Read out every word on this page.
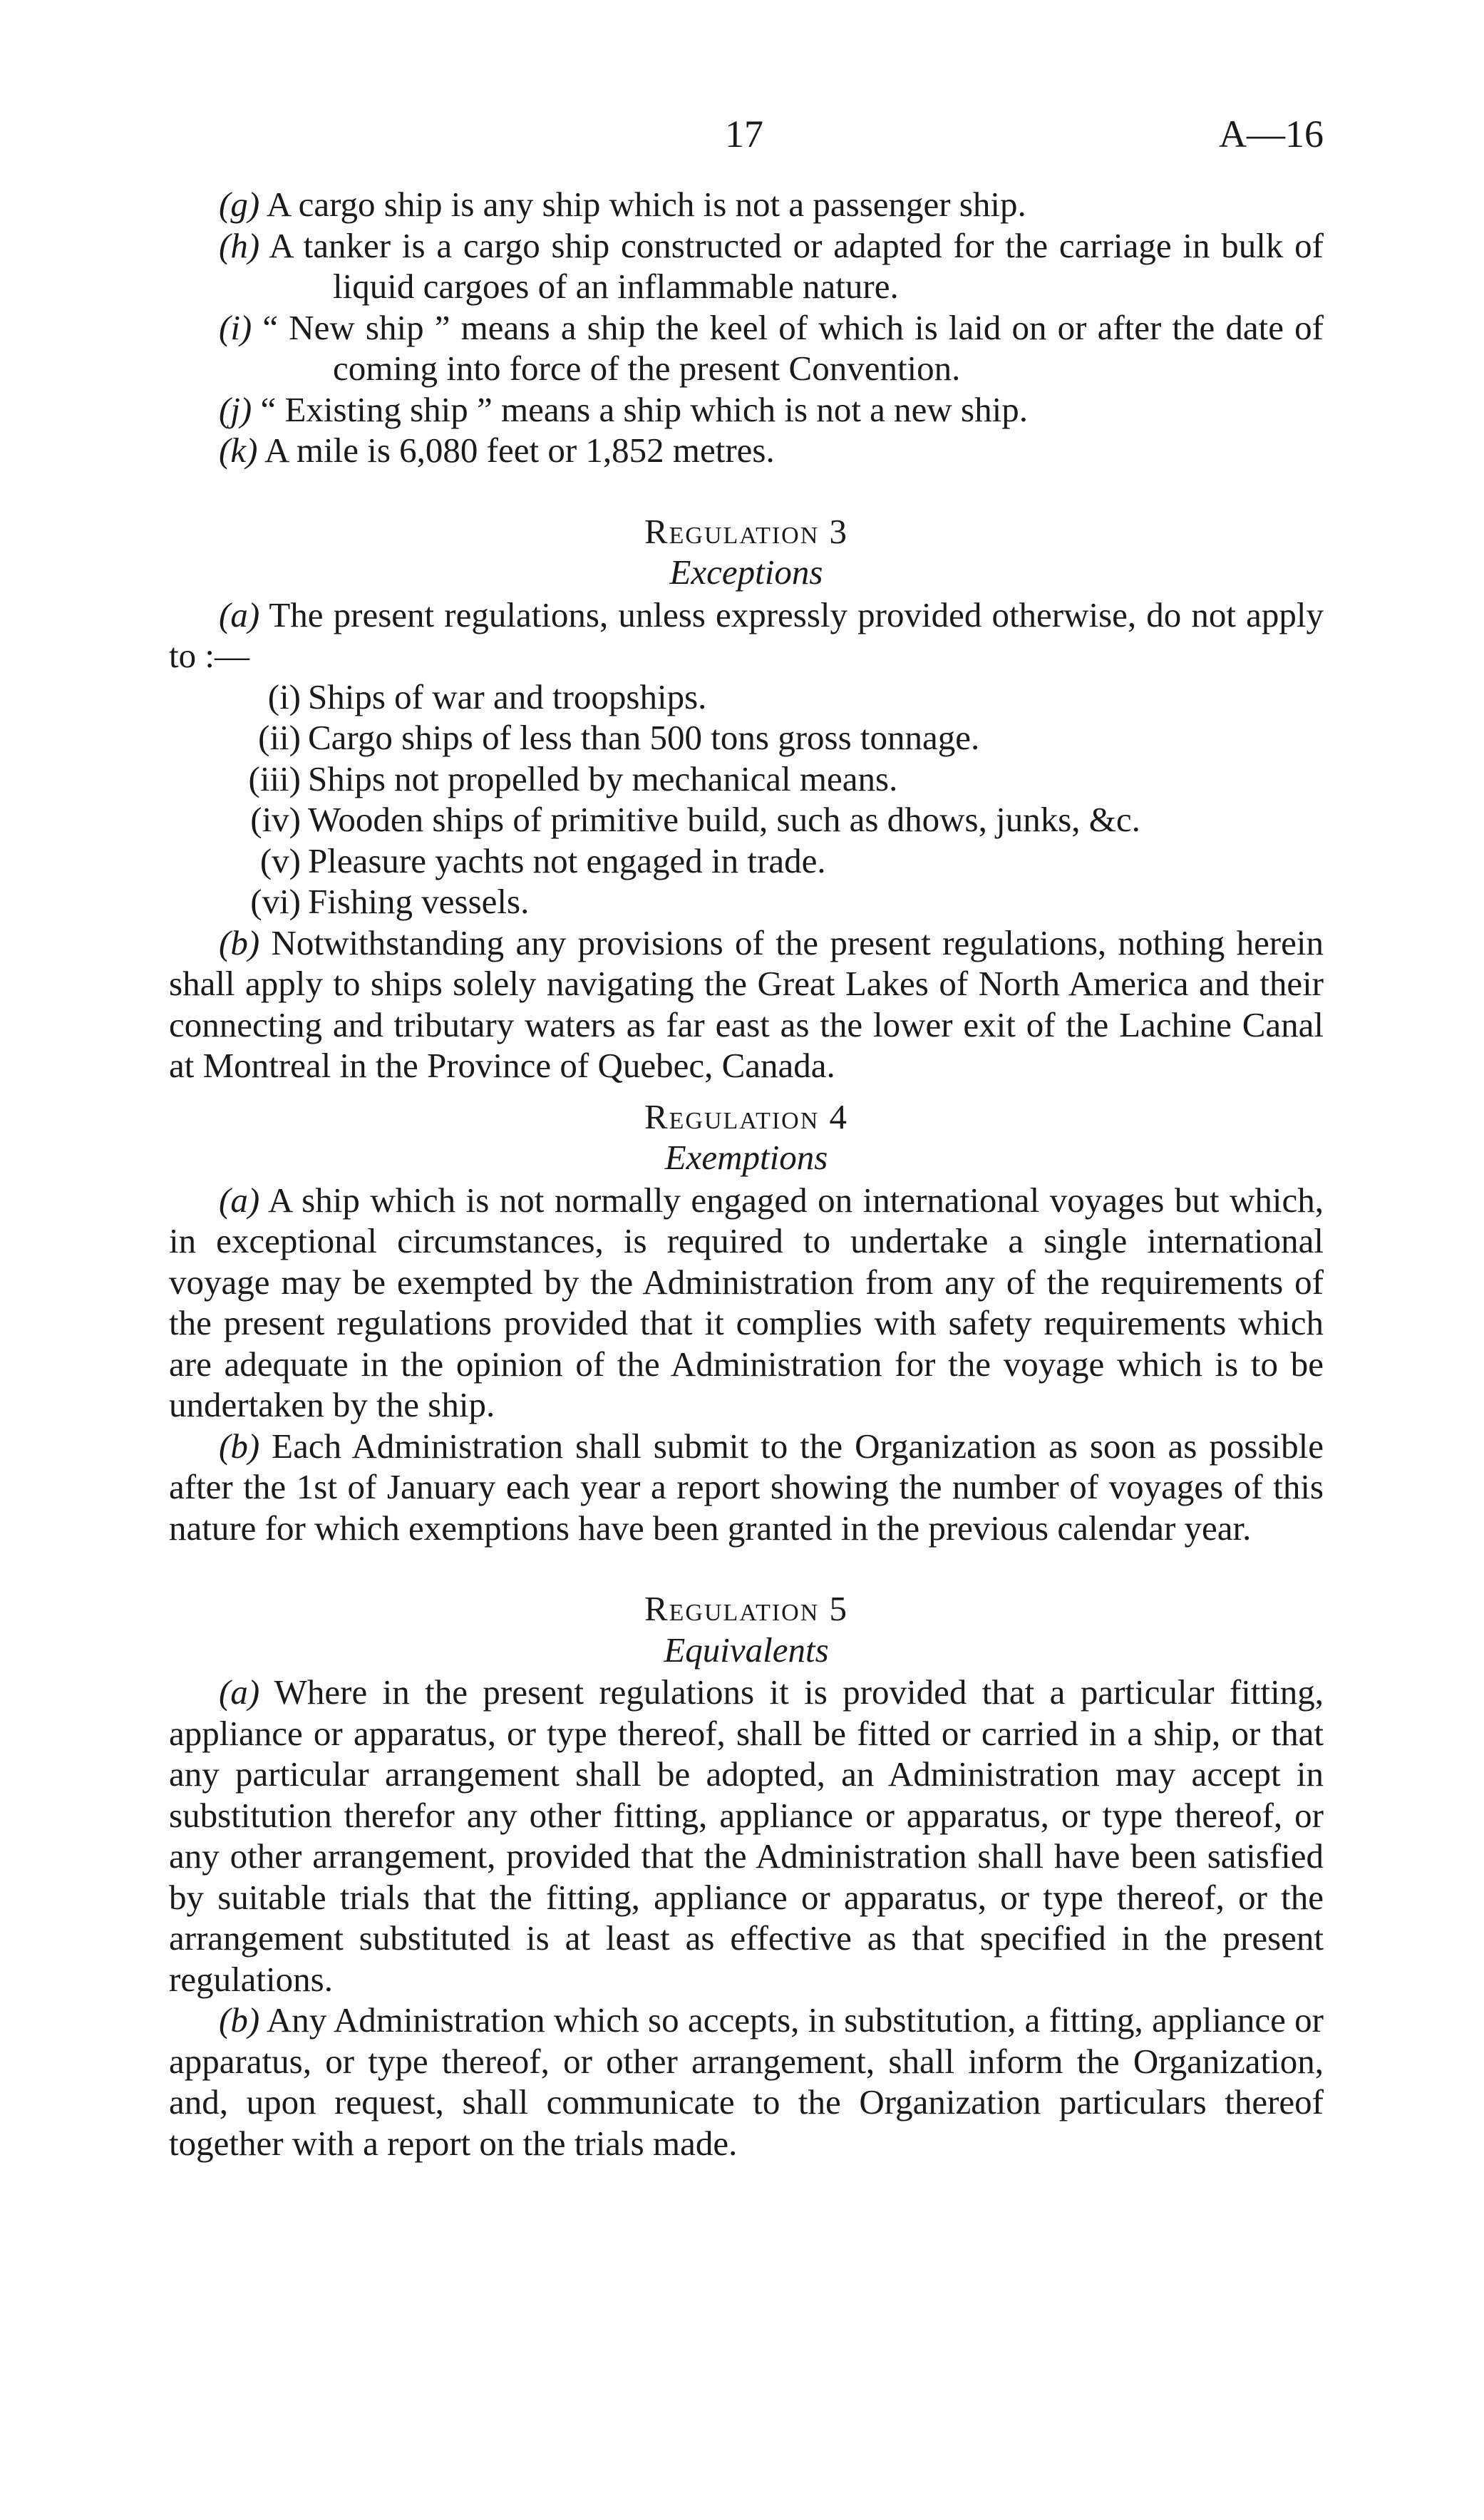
17	A—16
(g) A cargo ship is any ship which is not a passenger ship.
(h) A tanker is a cargo ship constructed or adapted for the carriage in bulk of liquid cargoes of an inflammable nature.
(i) “ New ship ” means a ship the keel of which is laid on or after the date of coming into force of the present Convention.
(j) “ Existing ship ” means a ship which is not a new ship.
(k) A mile is 6,080 feet or 1,852 metres.
Regulation 3
Exceptions

(a) The present regulations, unless expressly provided otherwise, do not apply to :—

(i) Ships of war and troopships.
(ii) Cargo ships of less than 500 tons gross tonnage.
(iii) Ships not propelled by mechanical means.
(iv) Wooden ships of primitive build, such as dhows, junks, &c.
(v) Pleasure yachts not engaged in trade.
(vi) Fishing vessels.

(b) Notwithstanding any provisions of the present regulations, nothing herein shall apply to ships solely navigating the Great Lakes of North America and their connecting and tributary waters as far east as the lower exit of the Lachine Canal at Montreal in the Province of Quebec, Canada.

Regulation 4
Exemptions

(a) A ship which is not normally engaged on international voyages but which, in exceptional circumstances, is required to undertake a single international voyage may be exempted by the Administration from any of the requirements of the present regulations provided that it complies with safety requirements which are adequate in the opinion of the Administration for the voyage which is to be undertaken by the ship.

(b) Each Administration shall submit to the Organization as soon as possible after the 1st of January each year a report showing the number of voyages of this nature for which exemptions have been granted in the previous calendar year.

Regulation 5
Equivalents

(a) Where in the present regulations it is provided that a particular fitting, appliance or apparatus, or type thereof, shall be fitted or carried in a ship, or that any particular arrangement shall be adopted, an Administration may accept in substitution therefor any other fitting, appliance or apparatus, or type thereof, or any other arrangement, provided that the Administration shall have been satisfied by suitable trials that the fitting, appliance or apparatus, or type thereof, or the arrangement substituted is at least as effective as that specified in the present regulations.

(b) Any Administration which so accepts, in substitution, a fitting, appliance or apparatus, or type thereof, or other arrangement, shall inform the Organization, and, upon request, shall communicate to the Organization particulars thereof together with a report on the trials made.
